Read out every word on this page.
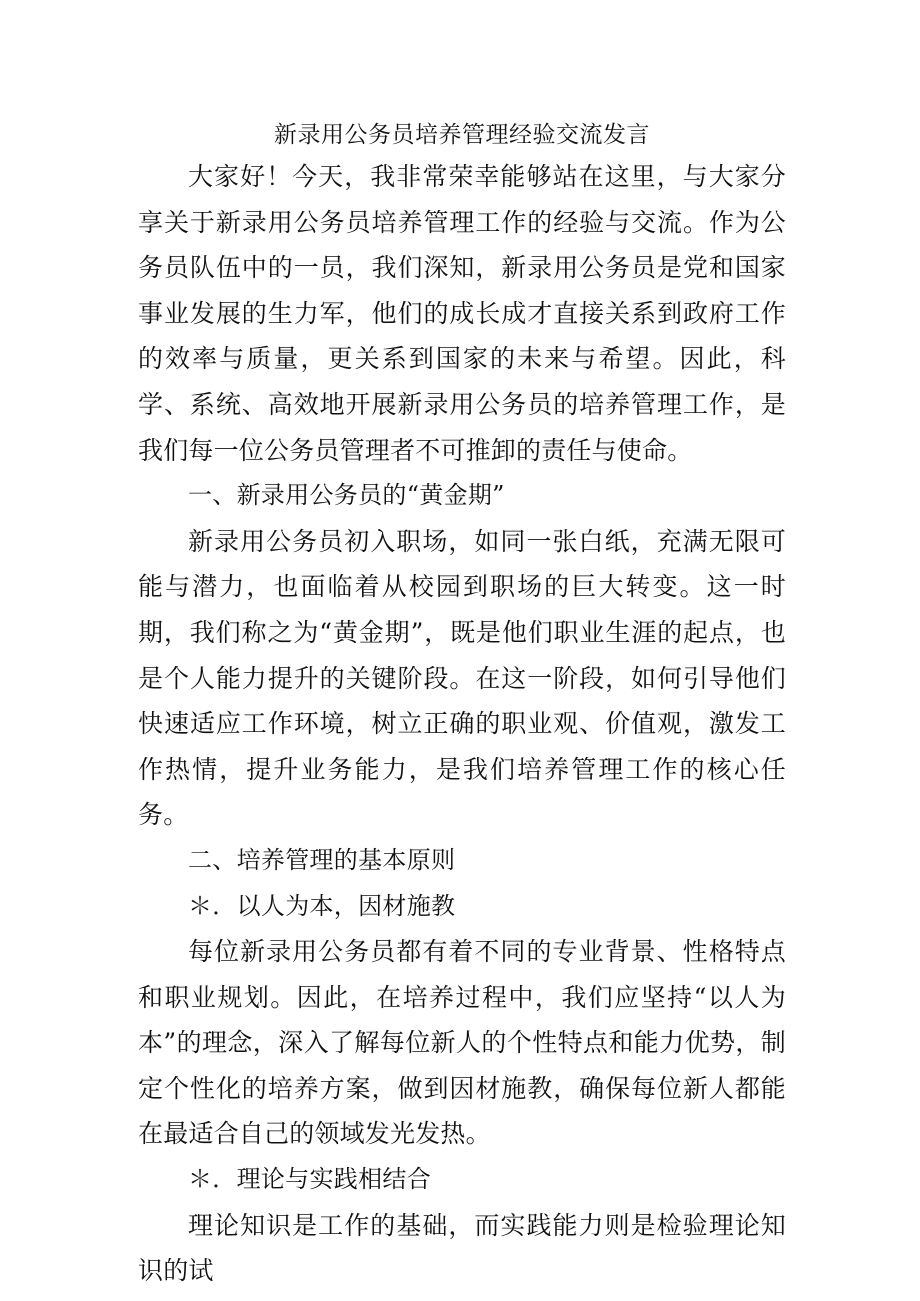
新录用公务员培养管理经验交流发言

大家好！今天，我非常荣幸能够站在这里，与大家分享关于新录用公务员培养管理工作的经验与交流。作为公务员队伍中的一员，我们深知，新录用公务员是党和国家事业发展的生力军，他们的成长成才直接关系到政府工作的效率与质量，更关系到国家的未来与希望。因此，科学、系统、高效地开展新录用公务员的培养管理工作，是我们每一位公务员管理者不可推卸的责任与使命。

一、新录用公务员的“黄金期”

新录用公务员初入职场，如同一张白纸，充满无限可能与潜力，也面临着从校园到职场的巨大转变。这一时期，我们称之为“黄金期”，既是他们职业生涯的起点，也是个人能力提升的关键阶段。在这一阶段，如何引导他们快速适应工作环境，树立正确的职业观、价值观，激发工作热情，提升业务能力，是我们培养管理工作的核心任务。

二、培养管理的基本原则

＊．以人为本，因材施教

每位新录用公务员都有着不同的专业背景、性格特点和职业规划。因此，在培养过程中，我们应坚持“以人为本”的理念，深入了解每位新人的个性特点和能力优势，制定个性化的培养方案，做到因材施教，确保每位新人都能在最适合自己的领域发光发热。

＊．理论与实践相结合

理论知识是工作的基础，而实践能力则是检验理论知识的试
